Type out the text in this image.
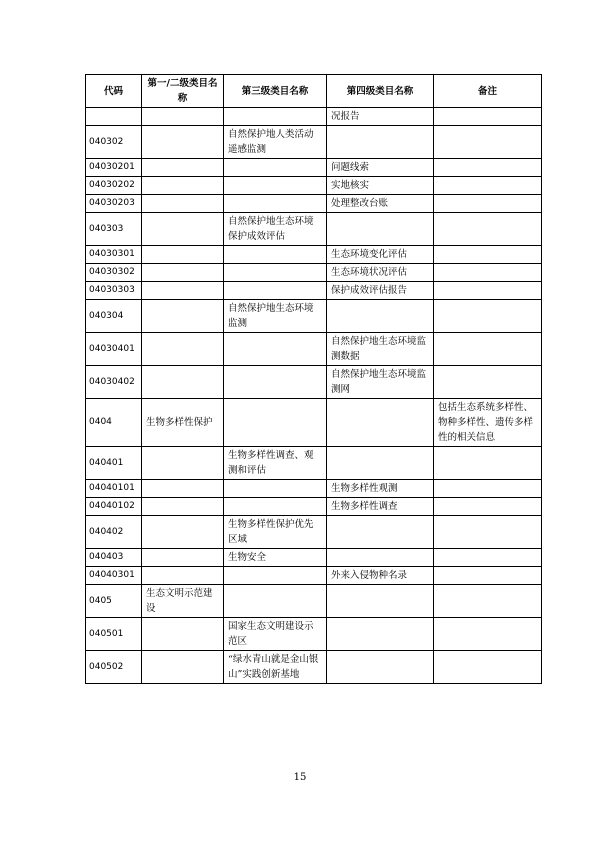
代码	第一/二级类目名称	第三级类目名称	第四级类目名称	备注
			况报告	
040302		自然保护地人类活动遥感监测		
04030201			问题线索	
04030202			实地核实	
04030203			处理整改台账	
040303		自然保护地生态环境保护成效评估		
04030301			生态环境变化评估	
04030302			生态环境状况评估	
04030303			保护成效评估报告	
040304		自然保护地生态环境监测		
04030401			自然保护地生态环境监测数据	
04030402			自然保护地生态环境监测网	
0404	生物多样性保护			包括生态系统多样性、物种多样性、遗传多样性的相关信息
040401		生物多样性调查、观测和评估		
04040101			生物多样性观测	
04040102			生物多样性调查	
040402		生物多样性保护优先区域		
040403		生物安全		
04040301			外来入侵物种名录	
0405	生态文明示范建设			
040501		国家生态文明建设示范区		
040502		“绿水青山就是金山银山”实践创新基地		
15
